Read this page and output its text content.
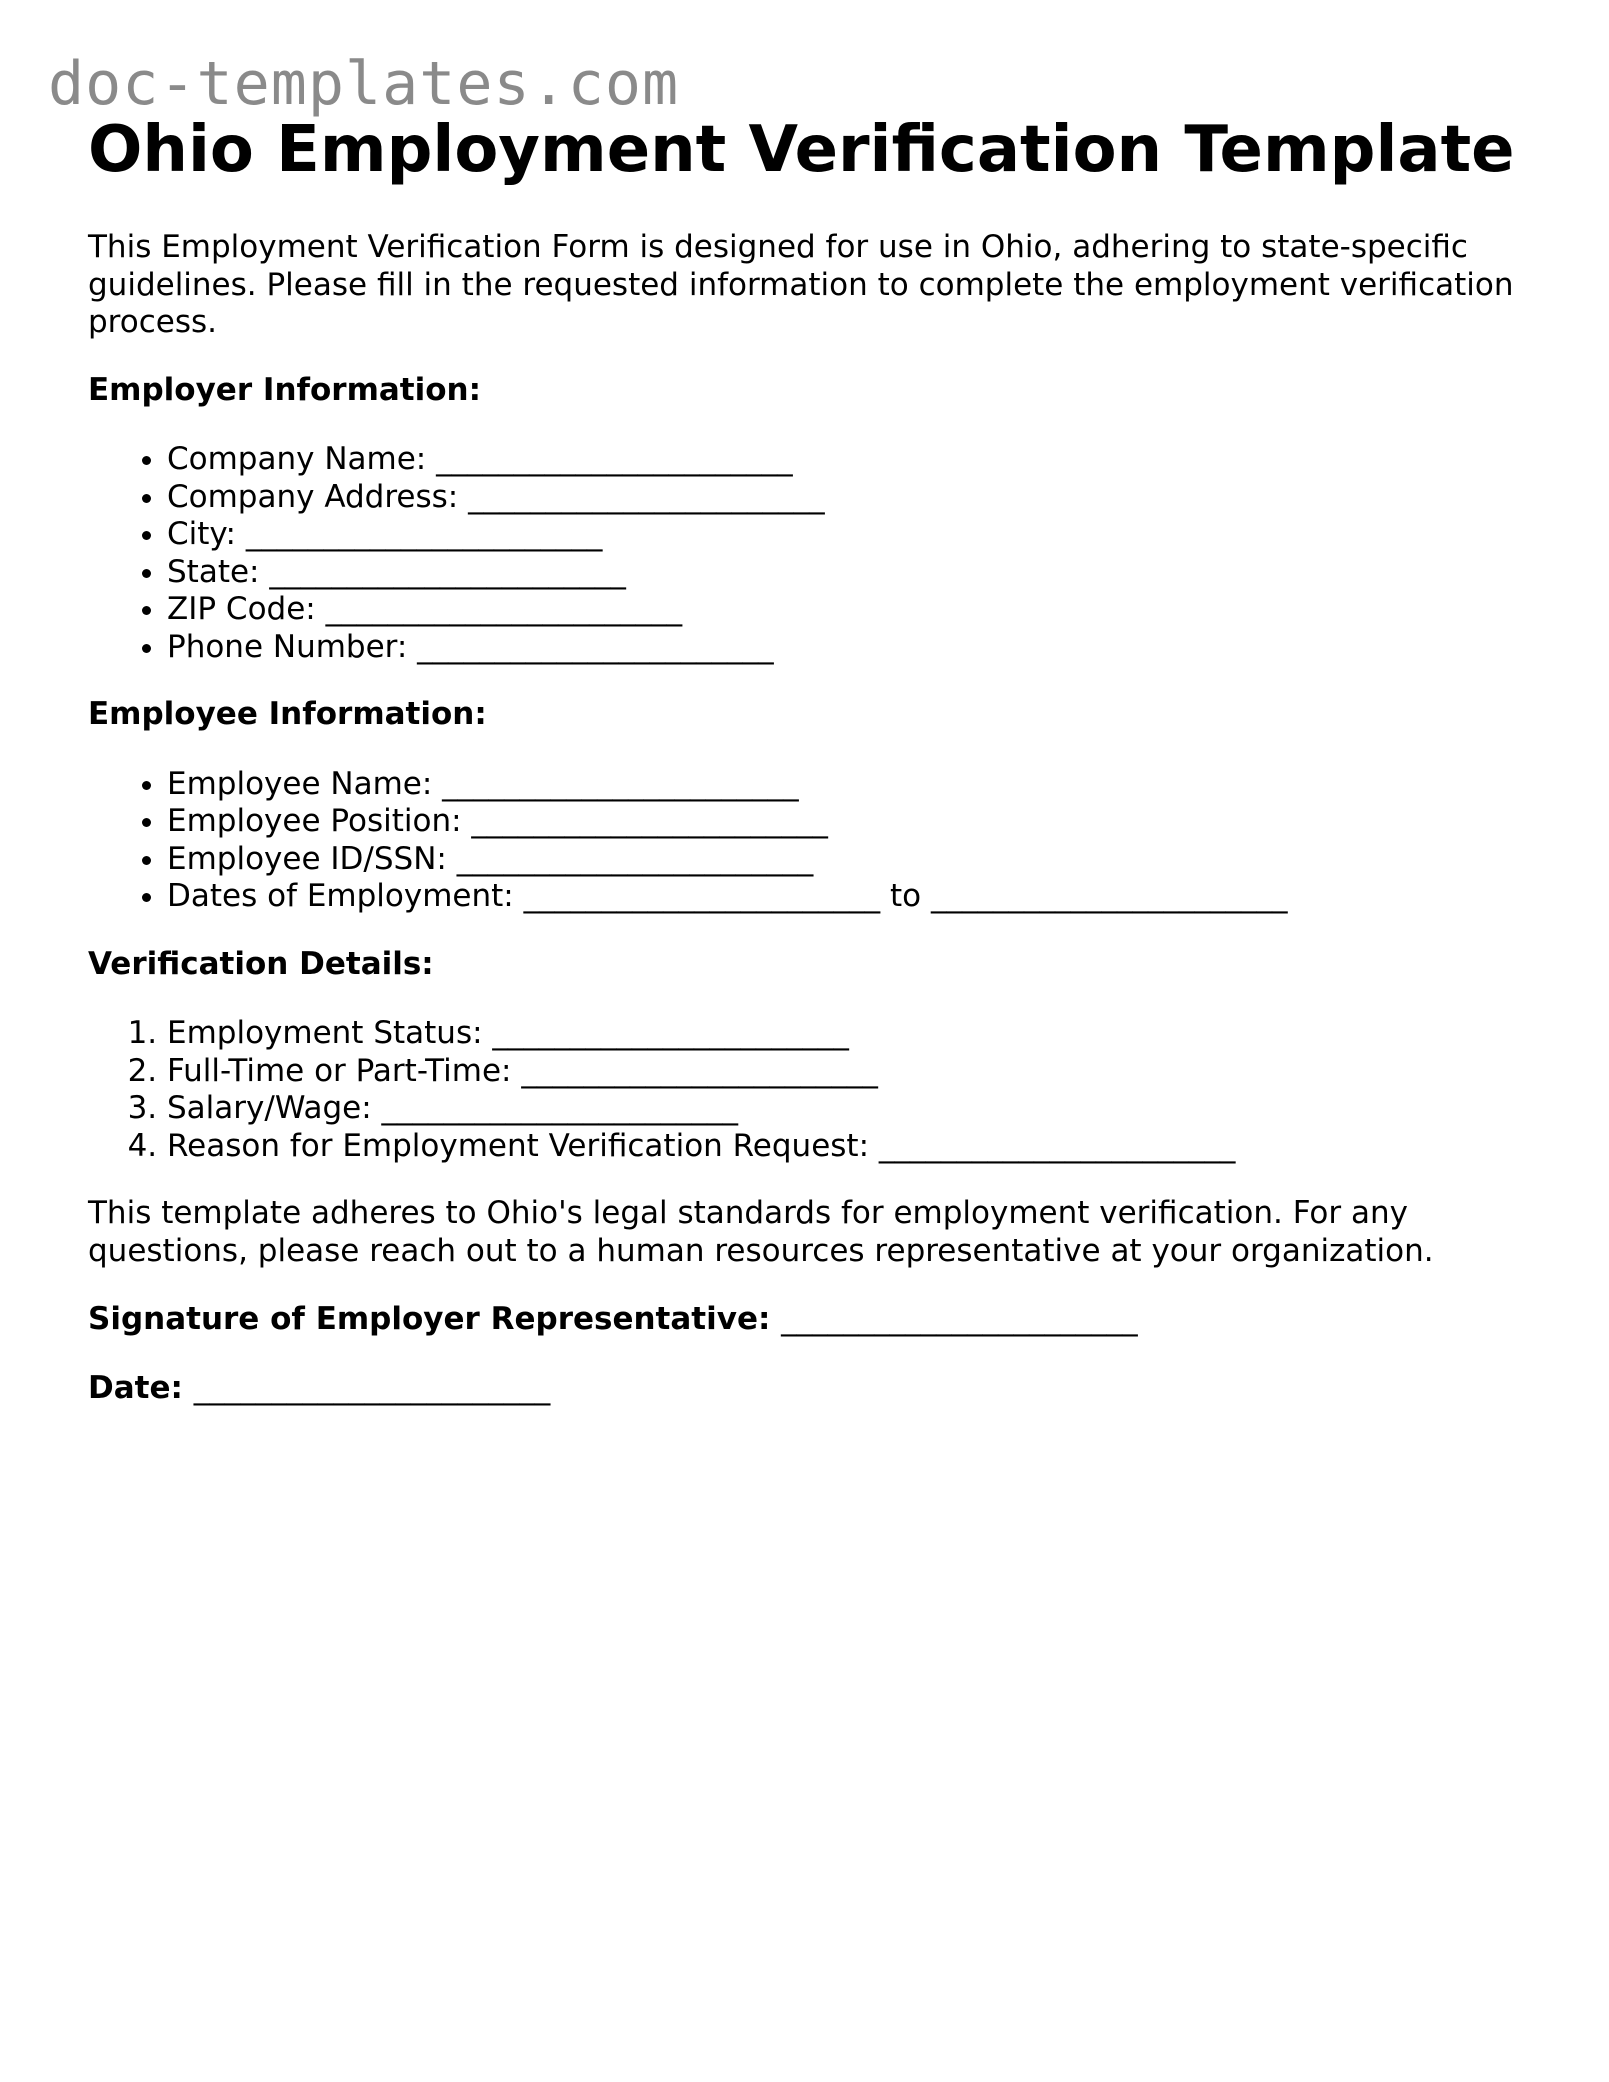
doc-templates.com
Ohio Employment Verification Template

This Employment Verification Form is designed for use in Ohio, adhering to state-specific guidelines. Please fill in the requested information to complete the employment verification process.

Employer Information:

• Company Name: _______________________
• Company Address: _______________________
• City: _______________________
• State: _______________________
• ZIP Code: _______________________
• Phone Number: _______________________

Employee Information:

• Employee Name: _______________________
• Employee Position: _______________________
• Employee ID/SSN: _______________________
• Dates of Employment: _______________________ to _______________________

Verification Details:

1. Employment Status: _______________________
2. Full-Time or Part-Time: _______________________
3. Salary/Wage: _______________________
4. Reason for Employment Verification Request: _______________________

This template adheres to Ohio's legal standards for employment verification. For any questions, please reach out to a human resources representative at your organization.

Signature of Employer Representative: _______________________

Date: _______________________
